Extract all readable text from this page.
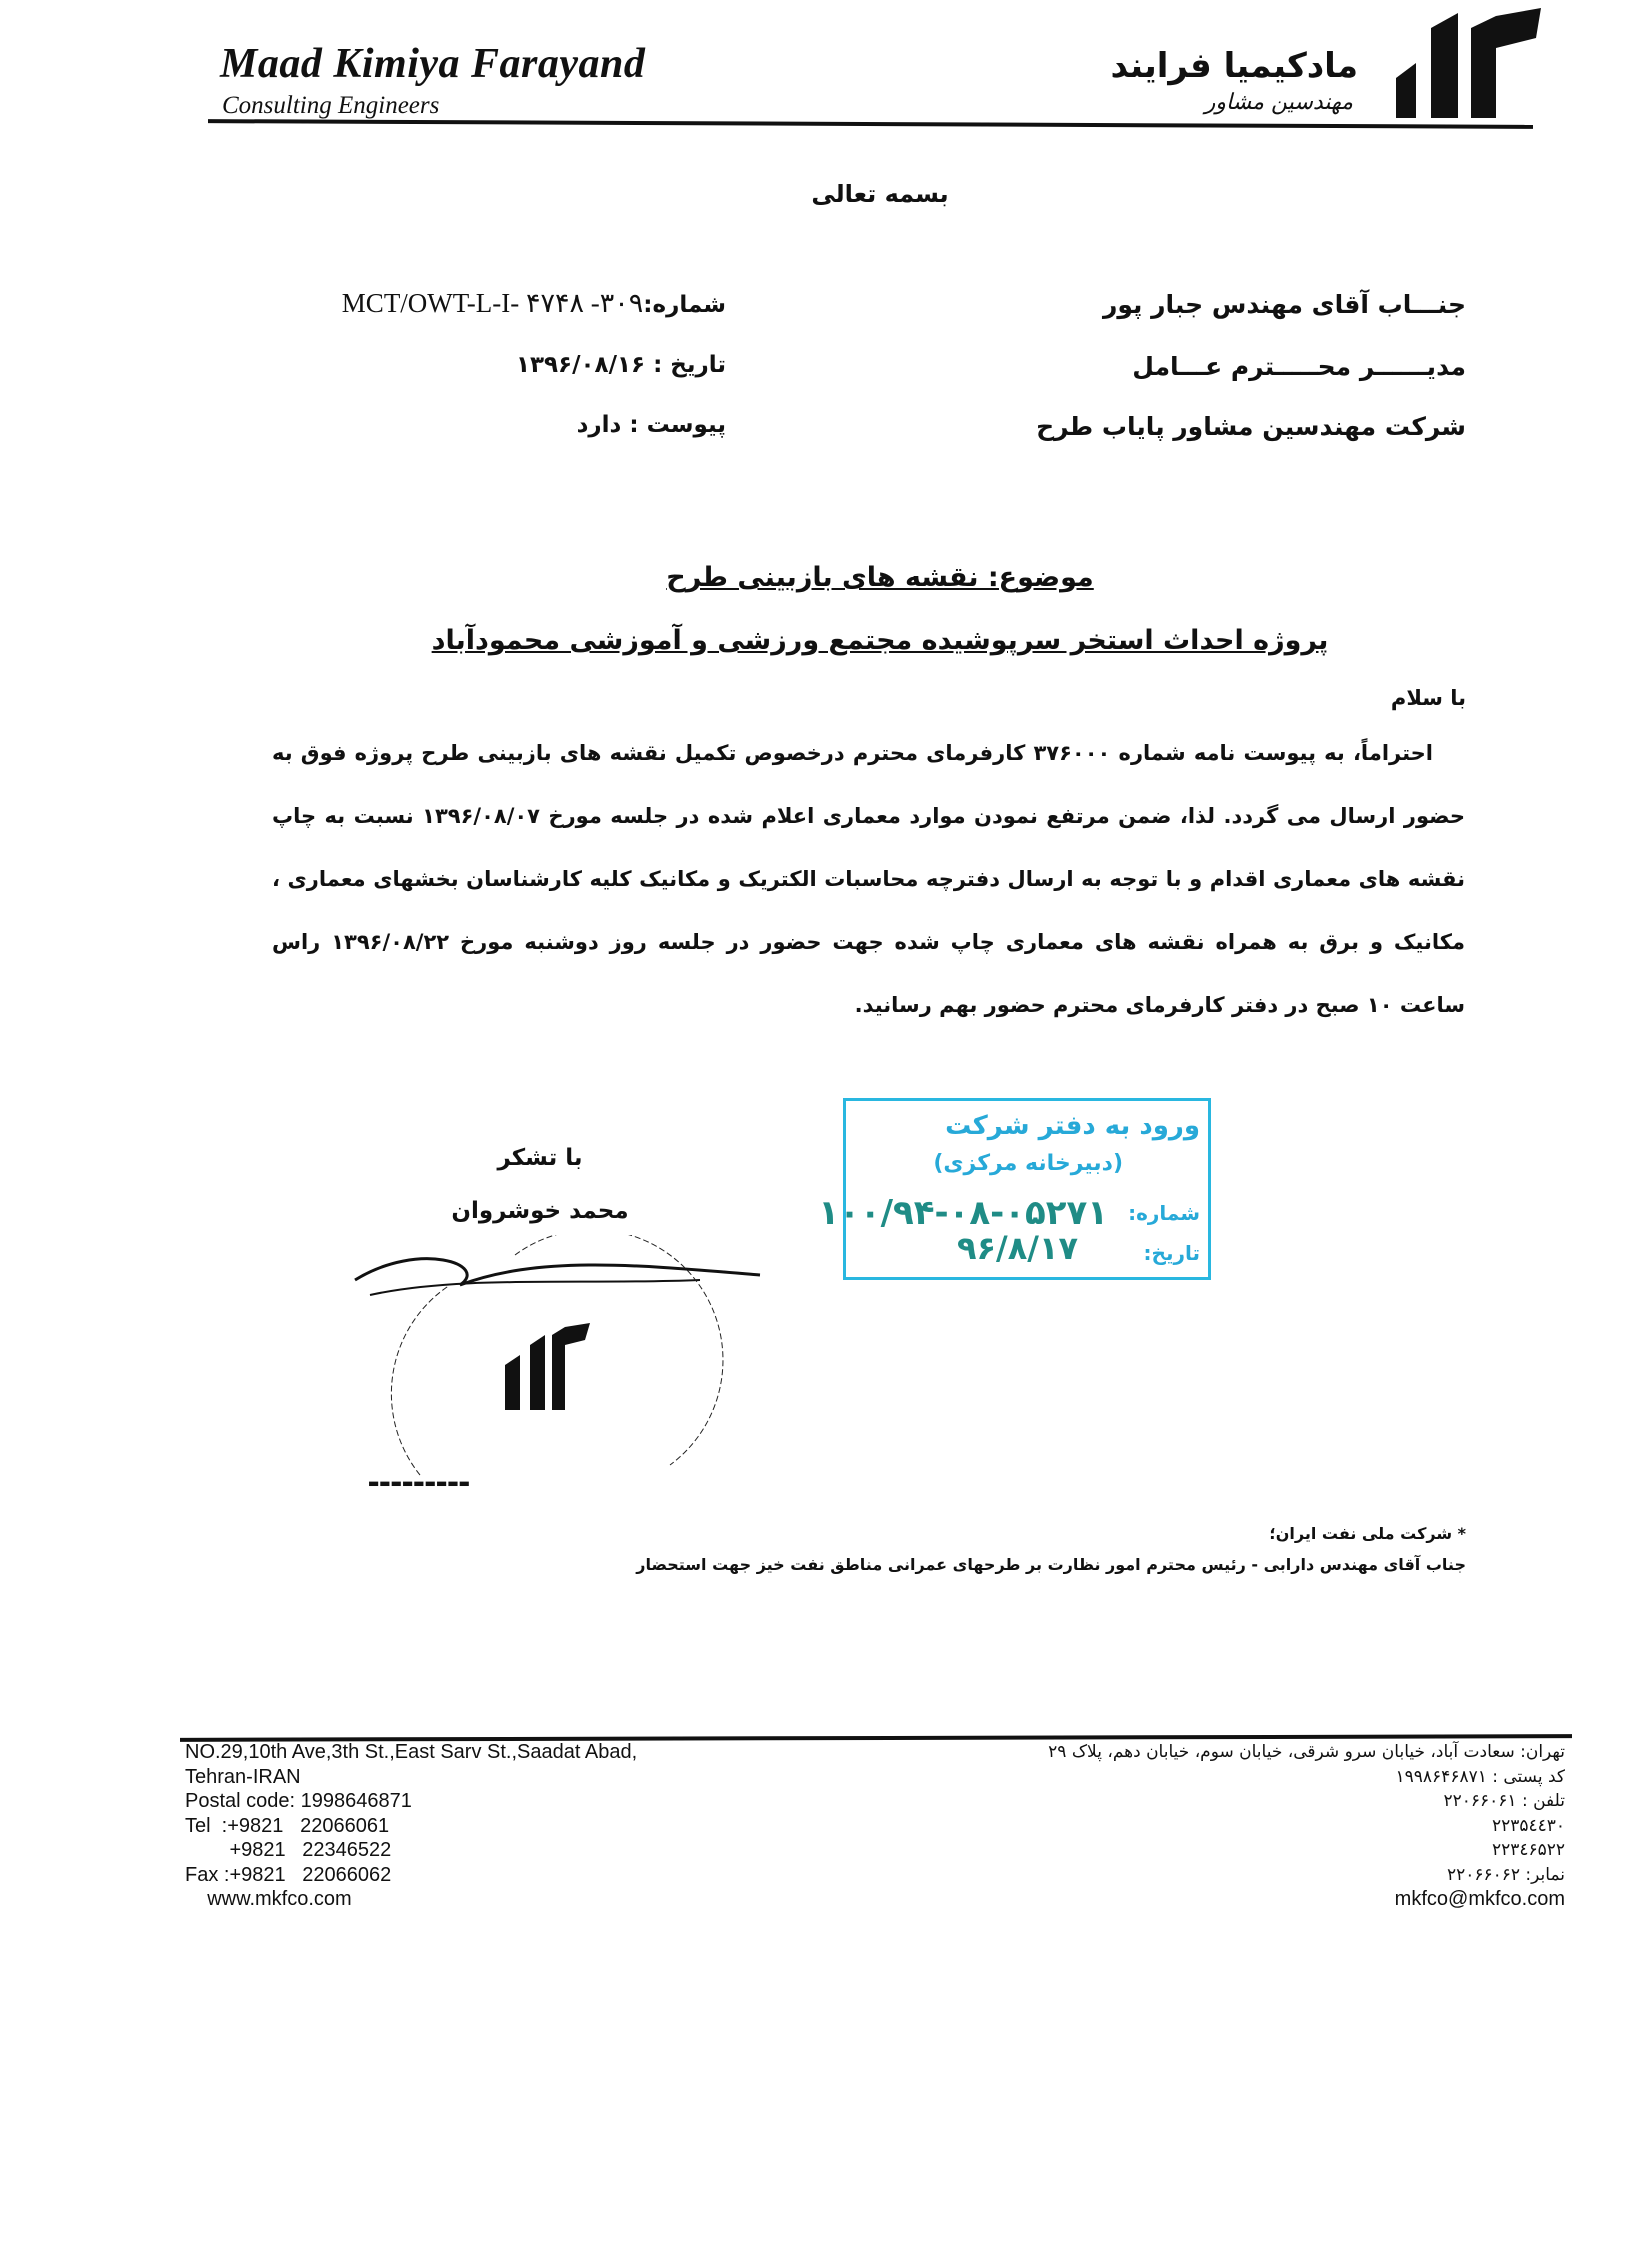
Maad Kimiya Farayand
Consulting Engineers
مادکیمیا فرایند
مهندسین مشاور
بسمه تعالی
جنـــاب آقای مهندس جبار پور
مدیــــــر محـــــترم عـــامل
شرکت مهندسین مشاور پایاب طرح
شماره:۳۰۹- MCT/OWT-L-I- ۴۷۴۸
تاریخ : ۱۳۹۶/۰۸/۱۶
پیوست : دارد
موضوع: نقشه های بازبینی طرح
پروژه احداث استخر سرپوشیده مجتمع ورزشی و آموزشی محمودآباد
با سلام
احتراماً، به پیوست نامه شماره ۳۷۶۰۰۰ کارفرمای محترم درخصوص تکمیل نقشه های بازبینی طرح پروژه فوق به حضور ارسال می گردد. لذا، ضمن مرتفع نمودن موارد معماری اعلام شده در جلسه مورخ ۱۳۹۶/۰۸/۰۷ نسبت به چاپ نقشه های معماری اقدام و با توجه به ارسال دفترچه محاسبات الکتریک و مکانیک کلیه کارشناسان بخشهای معماری ، مکانیک و برق به همراه نقشه های معماری چاپ شده جهت حضور در جلسه روز دوشنبه مورخ ۱۳۹۶/۰۸/۲۲ راس ساعت ۱۰ صبح در دفتر کارفرمای محترم حضور بهم رسانید.
با تشکر
محمد خوشروان
▬▬▬▬▬▬▬▬▬
ورود به دفتر شرکت
(دبیرخانه مرکزی)
شماره:
۱۰۰/۹۴-۰۸-۰۵۲۷۱
تاریخ:
۹۶/۸/۱۷
* شرکت ملی نفت ایران؛
جناب آقای مهندس دارابی - رئیس محترم امور نظارت بر طرحهای عمرانی مناطق نفت خیز جهت استحضار
NO.29,10th Ave,3th St.,East Sarv St.,Saadat Abad,
Tehran-IRAN
Postal code: 1998646871
Tel  :+9821   22066061
+9821   22346522
Fax :+9821   22066062
www.mkfco.com
تهران: سعادت آباد، خیابان سرو شرقی، خیابان سوم، خیابان دهم، پلاک ۲۹
کد پستی : ۱۹۹۸۶۴۶۸۷۱
تلفن : ۲۲۰۶۶۰۶۱
۲۲۳۵٤٤۳۰
۲۲۳٤۶۵۲۲
نمابر: ۲۲۰۶۶۰۶۲
mkfco@mkfco.com
